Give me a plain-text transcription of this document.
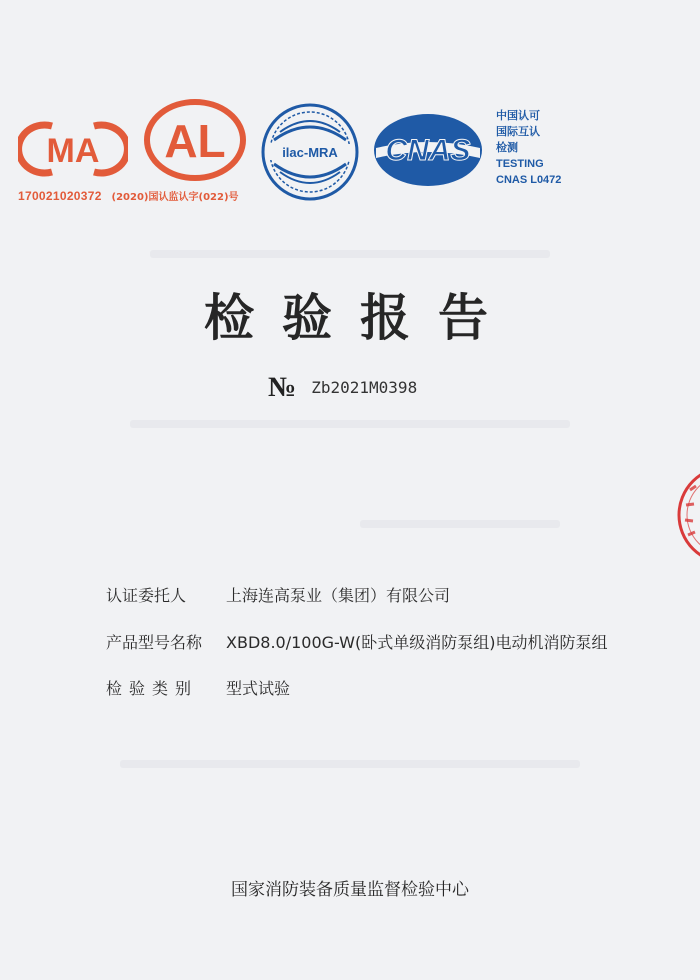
MA AL
170021020372 (2020)国认监认字(022)号
ilac-MRA CNAS
中国认可
国际互认
检测
TESTING
CNAS L0472
检验报告
№ Zb2021M0398
认证委托人 上海连高泵业（集团）有限公司
产品型号名称 XBD8.0/100G-W(卧式单级消防泵组)电动机消防泵组
检验类别 型式试验
国家消防装备质量监督检验中心
